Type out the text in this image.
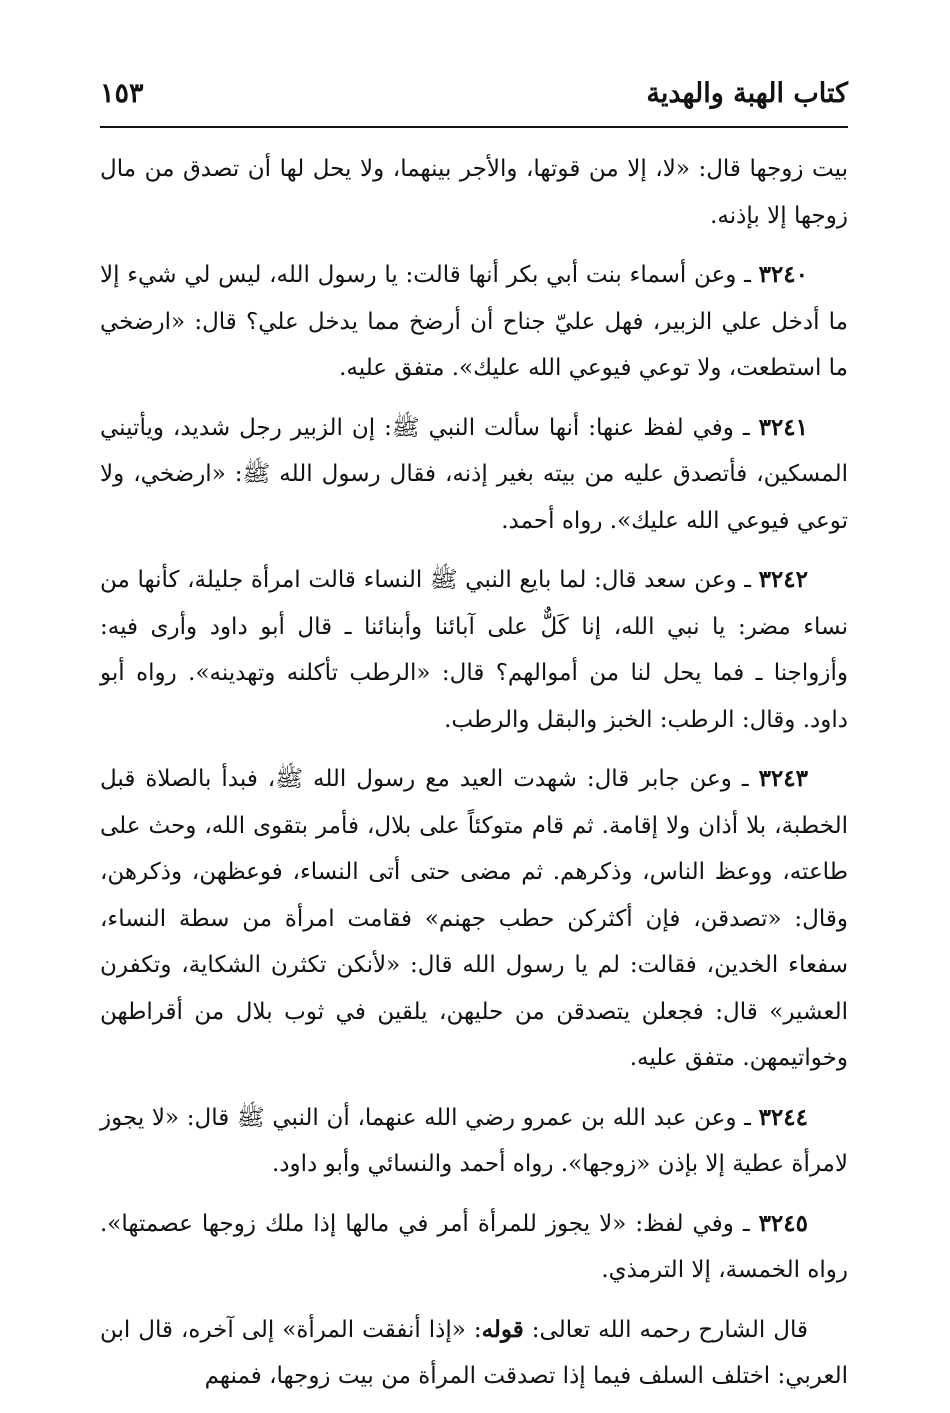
كتاب الهبة والهدية
١٥٣

بيت زوجها قال: «لا، إلا من قوتها، والأجر بينهما، ولا يحل لها أن تصدق من مال زوجها إلا بإذنه.

٣٢٤٠ ـ وعن أسماء بنت أبي بكر أنها قالت: يا رسول الله، ليس لي شيء إلا ما أدخل علي الزبير، فهل عليّ جناح أن أرضخ مما يدخل علي؟ قال: «ارضخي ما استطعت، ولا توعي فيوعي الله عليك». متفق عليه.

٣٢٤١ ـ وفي لفظ عنها: أنها سألت النبي ﷺ: إن الزبير رجل شديد، ويأتيني المسكين، فأتصدق عليه من بيته بغير إذنه، فقال رسول الله ﷺ: «ارضخي، ولا توعي فيوعي الله عليك». رواه أحمد.

٣٢٤٢ ـ وعن سعد قال: لما بايع النبي ﷺ النساء قالت امرأة جليلة، كأنها من نساء مضر: يا نبي الله، إنا كَلٌّ على آبائنا وأبنائنا ـ قال أبو داود وأرى فيه: وأزواجنا ـ فما يحل لنا من أموالهم؟ قال: «الرطب تأكلنه وتهدينه». رواه أبو داود. وقال: الرطب: الخبز والبقل والرطب.

٣٢٤٣ ـ وعن جابر قال: شهدت العيد مع رسول الله ﷺ، فبدأ بالصلاة قبل الخطبة، بلا أذان ولا إقامة. ثم قام متوكئاً على بلال، فأمر بتقوى الله، وحث على طاعته، ووعظ الناس، وذكرهم. ثم مضى حتى أتى النساء، فوعظهن، وذكرهن، وقال: «تصدقن، فإن أكثركن حطب جهنم» فقامت امرأة من سطة النساء، سفعاء الخدين، فقالت: لم يا رسول الله قال: «لأنكن تكثرن الشكاية، وتكفرن العشير» قال: فجعلن يتصدقن من حليهن، يلقين في ثوب بلال من أقراطهن وخواتيمهن. متفق عليه.

٣٢٤٤ ـ وعن عبد الله بن عمرو رضي الله عنهما، أن النبي ﷺ قال: «لا يجوز لامرأة عطية إلا بإذن «زوجها». رواه أحمد والنسائي وأبو داود.

٣٢٤٥ ـ وفي لفظ: «لا يجوز للمرأة أمر في مالها إذا ملك زوجها عصمتها». رواه الخمسة، إلا الترمذي.

قال الشارح رحمه الله تعالى: قوله: «إذا أنفقت المرأة» إلى آخره، قال ابن العربي: اختلف السلف فيما إذا تصدقت المرأة من بيت زوجها، فمنهم
